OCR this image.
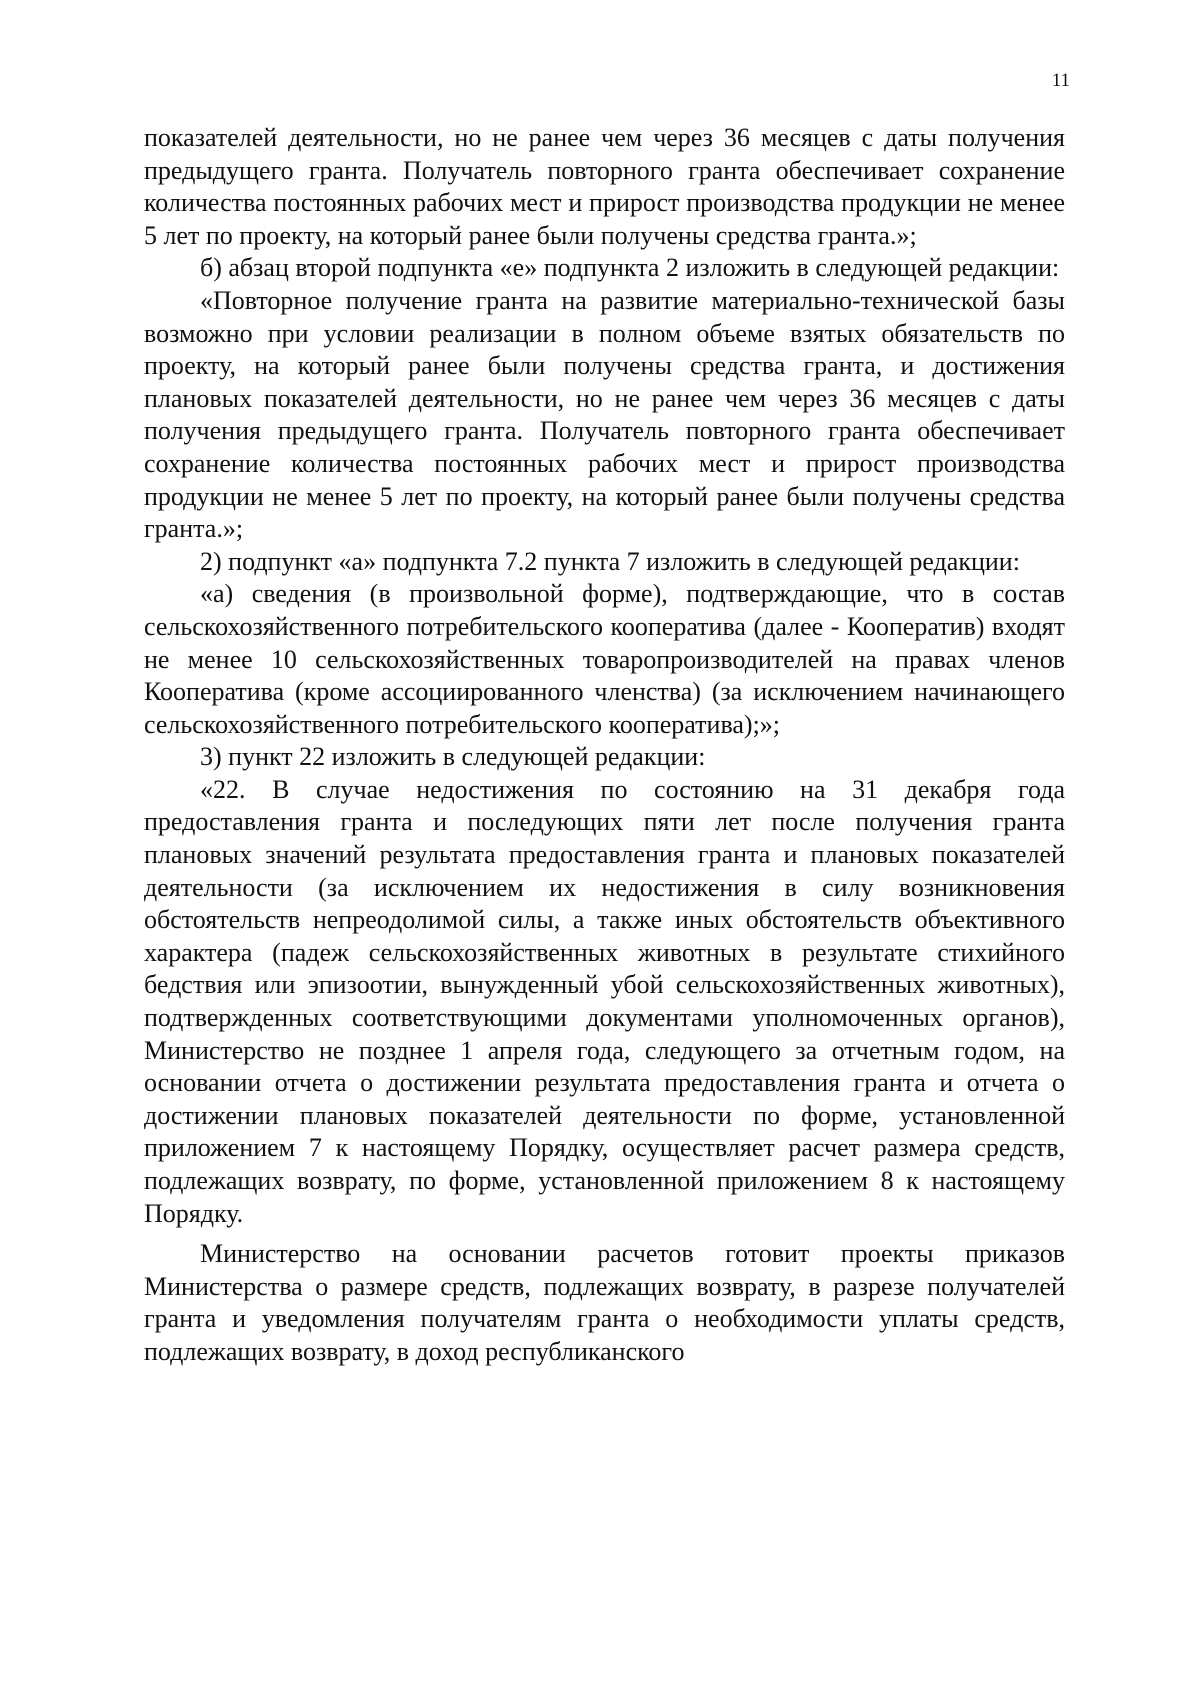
11

показателей деятельности, но не ранее чем через 36 месяцев с даты получения предыдущего гранта. Получатель повторного гранта обеспечивает сохранение количества постоянных рабочих мест и прирост производства продукции не менее 5 лет по проекту, на который ранее были получены средства гранта.»;

б) абзац второй подпункта «е» подпункта 2 изложить в следующей редакции:

«Повторное получение гранта на развитие материально-технической базы возможно при условии реализации в полном объеме взятых обязательств по проекту, на который ранее были получены средства гранта, и достижения плановых показателей деятельности, но не ранее чем через 36 месяцев с даты получения предыдущего гранта. Получатель повторного гранта обеспечивает сохранение количества постоянных рабочих мест и прирост производства продукции не менее 5 лет по проекту, на который ранее были получены средства гранта.»;

2) подпункт «а» подпункта 7.2 пункта 7 изложить в следующей редакции:

«а) сведения (в произвольной форме), подтверждающие, что в состав сельскохозяйственного потребительского кооператива (далее - Кооператив) входят не менее 10 сельскохозяйственных товаропроизводителей на правах членов Кооператива (кроме ассоциированного членства) (за исключением начинающего сельскохозяйственного потребительского кооператива);»;

3) пункт 22 изложить в следующей редакции:

«22. В случае недостижения по состоянию на 31 декабря года предоставления гранта и последующих пяти лет после получения гранта плановых значений результата предоставления гранта и плановых показателей деятельности (за исключением их недостижения в силу возникновения обстоятельств непреодолимой силы, а также иных обстоятельств объективного характера (падеж сельскохозяйственных животных в результате стихийного бедствия или эпизоотии, вынужденный убой сельскохозяйственных животных), подтвержденных соответствующими документами уполномоченных органов), Министерство не позднее 1 апреля года, следующего за отчетным годом, на основании отчета о достижении результата предоставления гранта и отчета о достижении плановых показателей деятельности по форме, установленной приложением 7 к настоящему Порядку, осуществляет расчет размера средств, подлежащих возврату, по форме, установленной приложением 8 к настоящему Порядку.

Министерство на основании расчетов готовит проекты приказов Министерства о размере средств, подлежащих возврату, в разрезе получателей гранта и уведомления получателям гранта о необходимости уплаты средств, подлежащих возврату, в доход республиканского
